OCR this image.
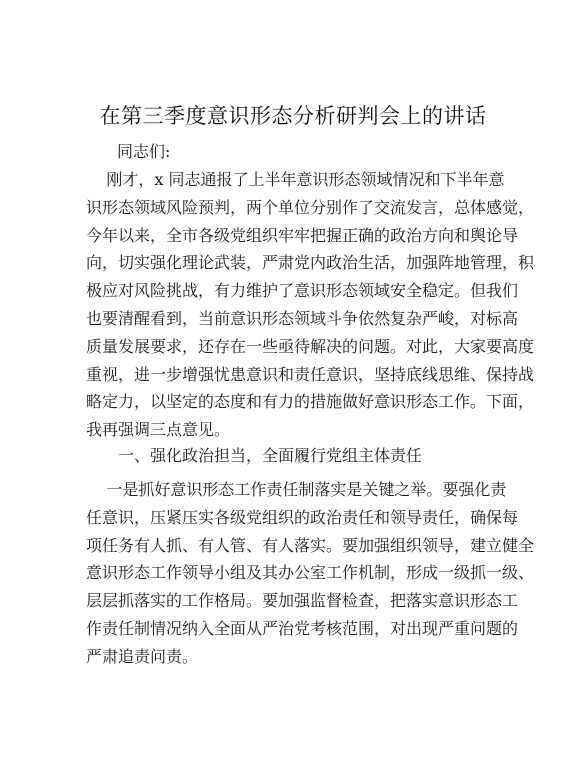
在第三季度意识形态分析研判会上的讲话
同志们:
刚才，x 同志通报了上半年意识形态领域情况和下半年意
识形态领域风险预判，两个单位分别作了交流发言，总体感觉，
今年以来，全市各级党组织牢牢把握正确的政治方向和舆论导
向，切实强化理论武装，严肃党内政治生活，加强阵地管理，积
极应对风险挑战，有力维护了意识形态领域安全稳定。但我们
也要清醒看到，当前意识形态领域斗争依然复杂严峻，对标高
质量发展要求，还存在一些亟待解决的问题。对此，大家要高度
重视，进一步增强忧患意识和责任意识，坚持底线思维、保持战
略定力，以坚定的态度和有力的措施做好意识形态工作。下面，
我再强调三点意见。
一、强化政治担当，全面履行党组主体责任
一是抓好意识形态工作责任制落实是关键之举。要强化责
任意识，压紧压实各级党组织的政治责任和领导责任，确保每
项任务有人抓、有人管、有人落实。要加强组织领导，建立健全
意识形态工作领导小组及其办公室工作机制，形成一级抓一级、
层层抓落实的工作格局。要加强监督检查，把落实意识形态工
作责任制情况纳入全面从严治党考核范围，对出现严重问题的
严肃追责问责。
